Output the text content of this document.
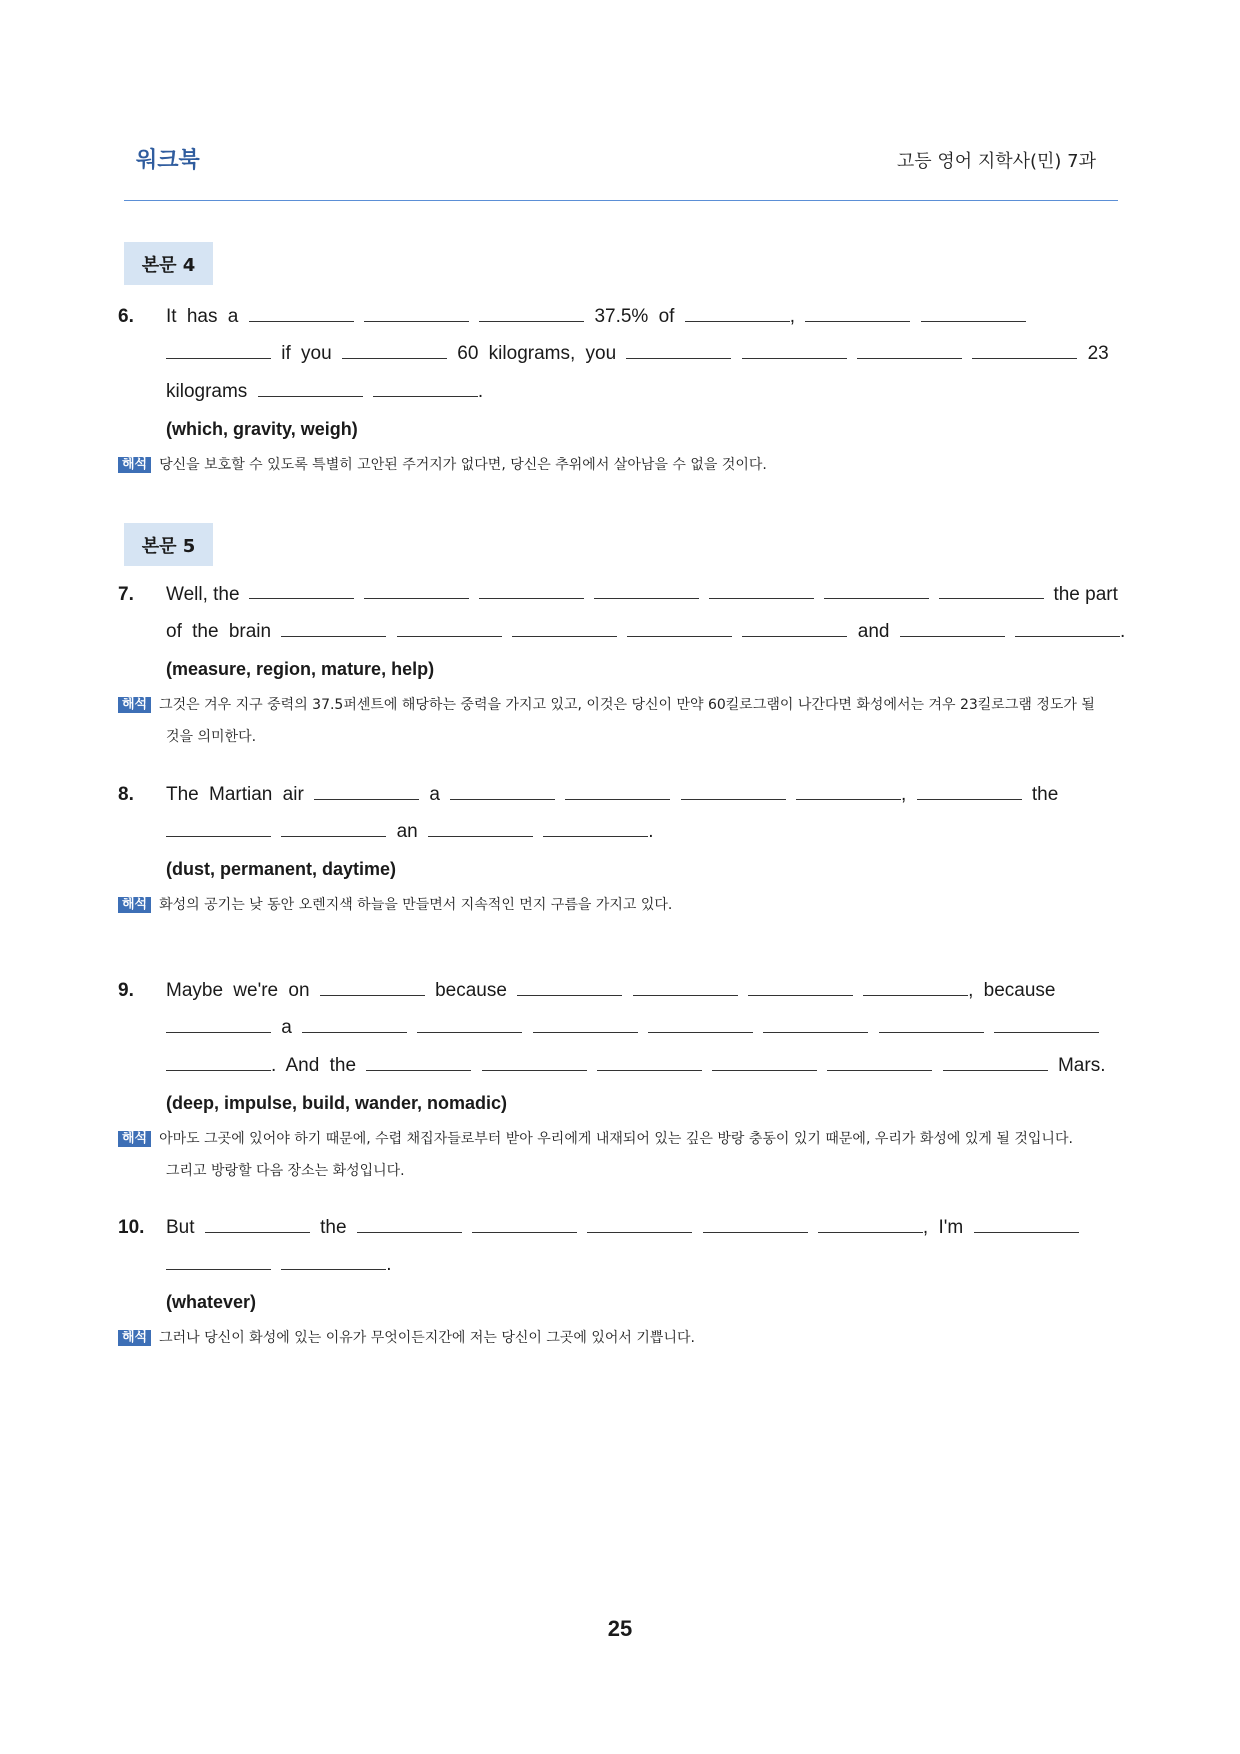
워크북	고등 영어 지학사(민) 7과
본문 4
6. It has a	37.5% of	,
if you	60 kilograms, you	23
kilograms	.
(which, gravity, weigh)
해석 당신을 보호할 수 있도록 특별히 고안된 주거지가 없다면, 당신은 추위에서 살아남을 수 없을 것이다.
본문 5
7. Well, the	the part
of the brain	and	.
(measure, region, mature, help)
해석 그것은 겨우 지구 중력의 37.5퍼센트에 해당하는 중력을 가지고 있고, 이것은 당신이 만약 60킬로그램이 나간다면 화성에서는 겨우 23킬로그램 정도가 될
것을 의미한다.
8. The Martian air	a	,	the
an	.
(dust, permanent, daytime)
해석 화성의 공기는 낮 동안 오렌지색 하늘을 만들면서 지속적인 먼지 구름을 가지고 있다.
9. Maybe we're on	because	, because
a
. And the	Mars.
(deep, impulse, build, wander, nomadic)
해석 아마도 그곳에 있어야 하기 때문에, 수렵 채집자들로부터 받아 우리에게 내재되어 있는 깊은 방랑 충동이 있기 때문에, 우리가 화성에 있게 될 것입니다.
그리고 방랑할 다음 장소는 화성입니다.
10. But	the	, I'm
.
(whatever)
해석 그러나 당신이 화성에 있는 이유가 무엇이든지간에 저는 당신이 그곳에 있어서 기쁩니다.
25
